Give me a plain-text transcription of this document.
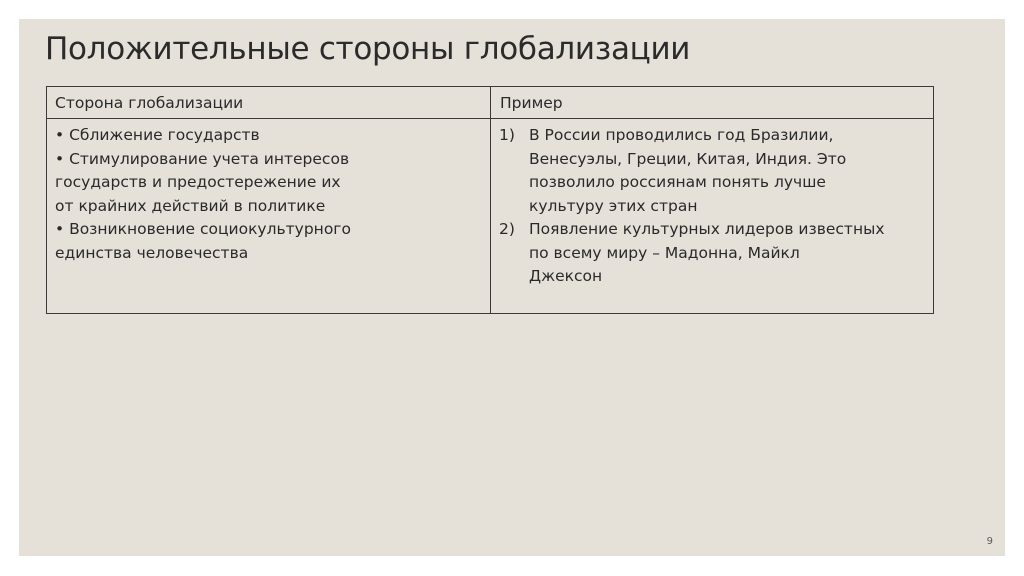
Положительные стороны глобализации
Сторона глобализации	Пример
• Сближение государств
• Стимулирование учета интересов
государств и предостережение их
от крайних действий в политике
• Возникновение социокультурного
единства человечества
1) В России проводились год Бразилии,
Венесуэлы, Греции, Китая, Индия. Это
позволило россиянам понять лучше
культуру этих стран
2) Появление культурных лидеров известных
по всему миру – Мадонна, Майкл
Джексон
9
